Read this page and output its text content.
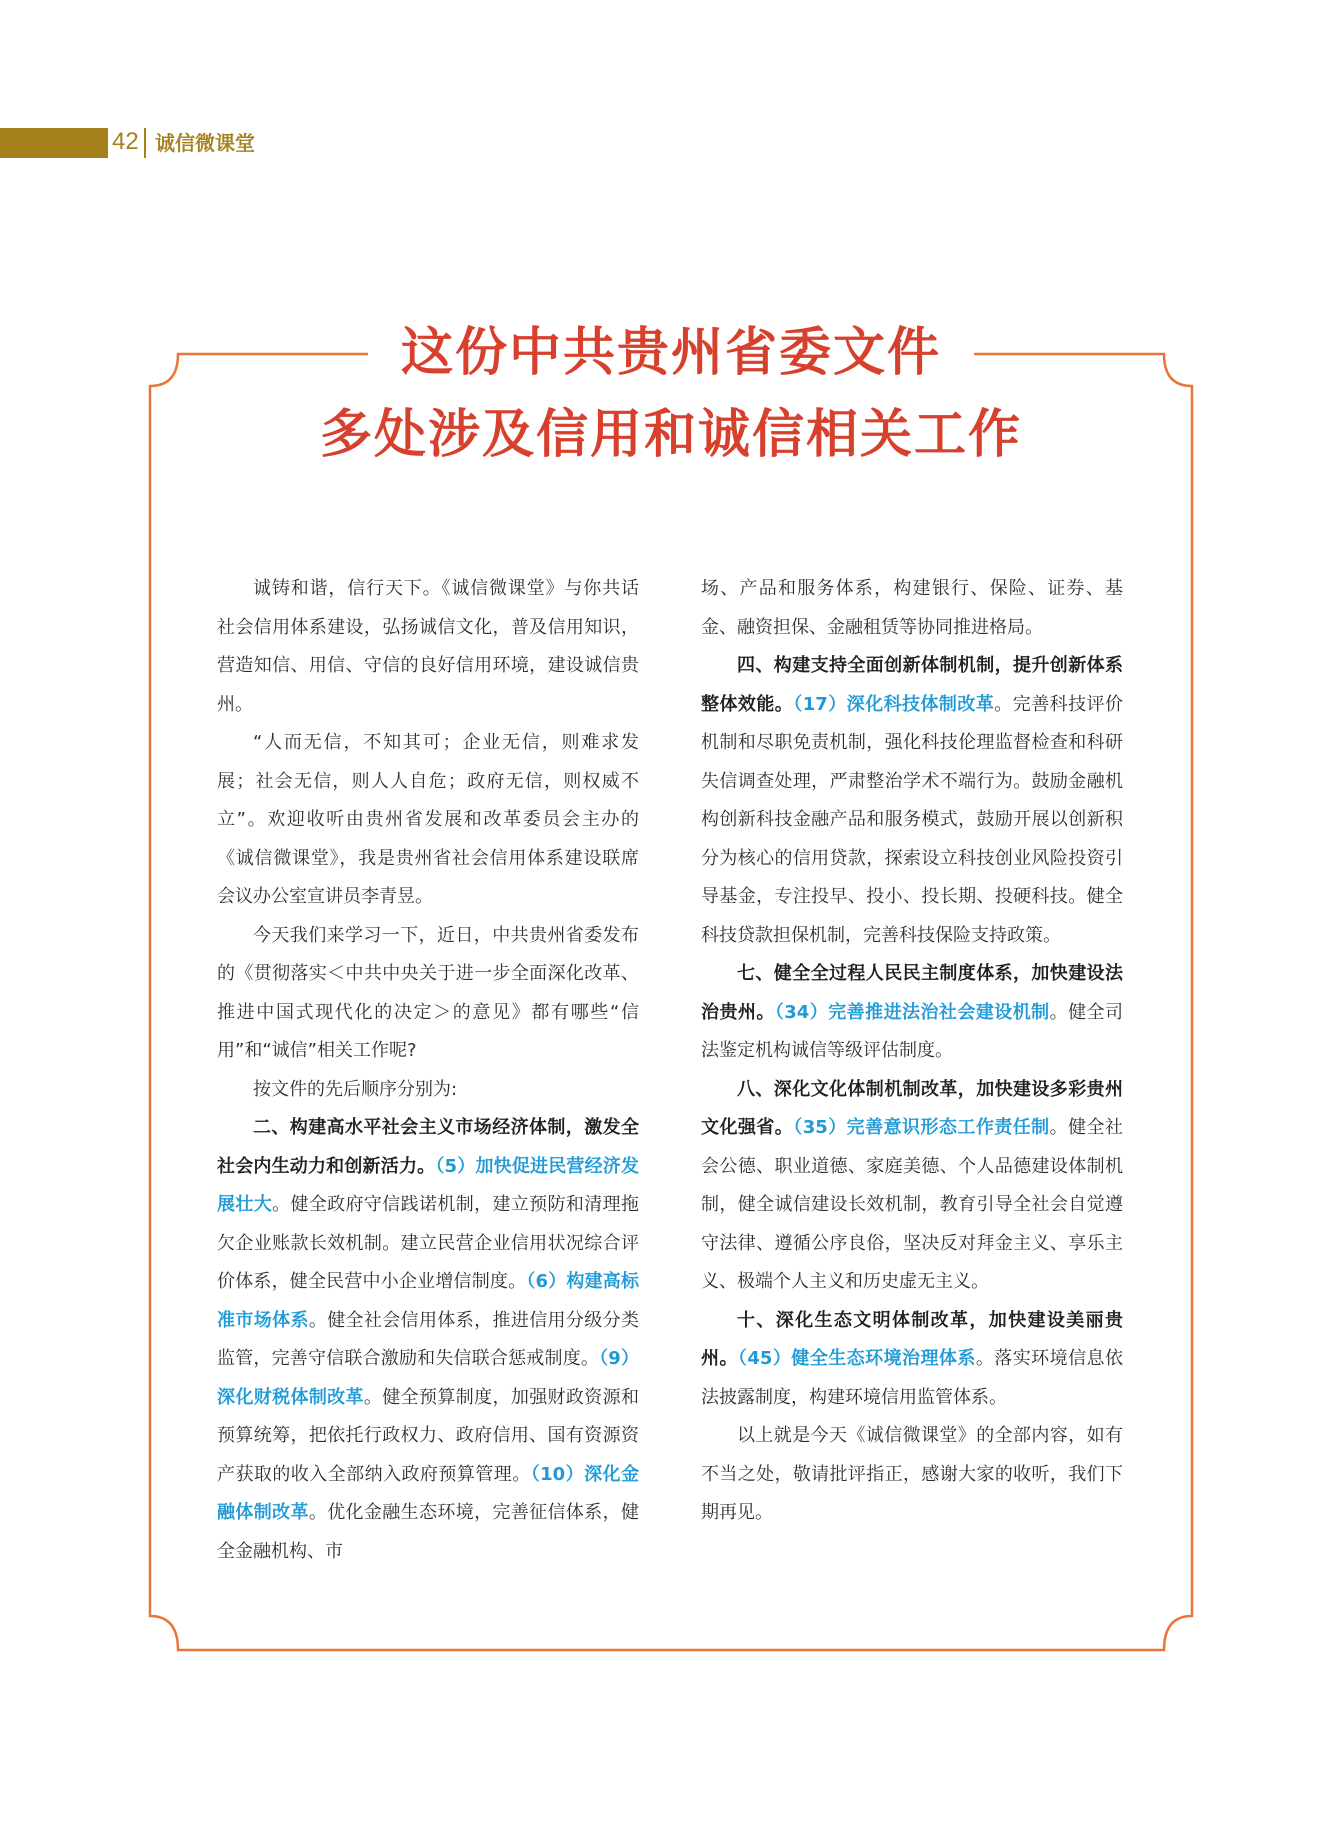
42 诚信微课堂
这份中共贵州省委文件
多处涉及信用和诚信相关工作

诚铸和谐，信行天下。《诚信微课堂》与你共话社会信用体系建设，弘扬诚信文化，普及信用知识，营造知信、用信、守信的良好信用环境，建设诚信贵州。

“人而无信，不知其可；企业无信，则难求发展；社会无信，则人人自危；政府无信，则权威不立”。欢迎收听由贵州省发展和改革委员会主办的《诚信微课堂》，我是贵州省社会信用体系建设联席会议办公室宣讲员李青昱。

今天我们来学习一下，近日，中共贵州省委发布的《贯彻落实＜中共中央关于进一步全面深化改革、推进中国式现代化的决定＞的意见》都有哪些“信用”和“诚信”相关工作呢?

按文件的先后顺序分别为:

二、构建高水平社会主义市场经济体制，激发全社会内生动力和创新活力。（5）加快促进民营经济发展壮大。健全政府守信践诺机制，建立预防和清理拖欠企业账款长效机制。建立民营企业信用状况综合评价体系，健全民营中小企业增信制度。（6）构建高标准市场体系。健全社会信用体系，推进信用分级分类监管，完善守信联合激励和失信联合惩戒制度。（9）深化财税体制改革。健全预算制度，加强财政资源和预算统筹，把依托行政权力、政府信用、国有资源资产获取的收入全部纳入政府预算管理。（10）深化金融体制改革。优化金融生态环境，完善征信体系，健全金融机构、市

场、产品和服务体系，构建银行、保险、证券、基金、融资担保、金融租赁等协同推进格局。

四、构建支持全面创新体制机制，提升创新体系整体效能。（17）深化科技体制改革。完善科技评价机制和尽职免责机制，强化科技伦理监督检查和科研失信调查处理，严肃整治学术不端行为。鼓励金融机构创新科技金融产品和服务模式，鼓励开展以创新积分为核心的信用贷款，探索设立科技创业风险投资引导基金，专注投早、投小、投长期、投硬科技。健全科技贷款担保机制，完善科技保险支持政策。

七、健全全过程人民民主制度体系，加快建设法治贵州。（34）完善推进法治社会建设机制。健全司法鉴定机构诚信等级评估制度。

八、深化文化体制机制改革，加快建设多彩贵州文化强省。（35）完善意识形态工作责任制。健全社会公德、职业道德、家庭美德、个人品德建设体制机制，健全诚信建设长效机制，教育引导全社会自觉遵守法律、遵循公序良俗，坚决反对拜金主义、享乐主义、极端个人主义和历史虚无主义。

十、深化生态文明体制改革，加快建设美丽贵州。（45）健全生态环境治理体系。落实环境信息依法披露制度，构建环境信用监管体系。

以上就是今天《诚信微课堂》的全部内容，如有不当之处，敬请批评指正，感谢大家的收听，我们下期再见。
